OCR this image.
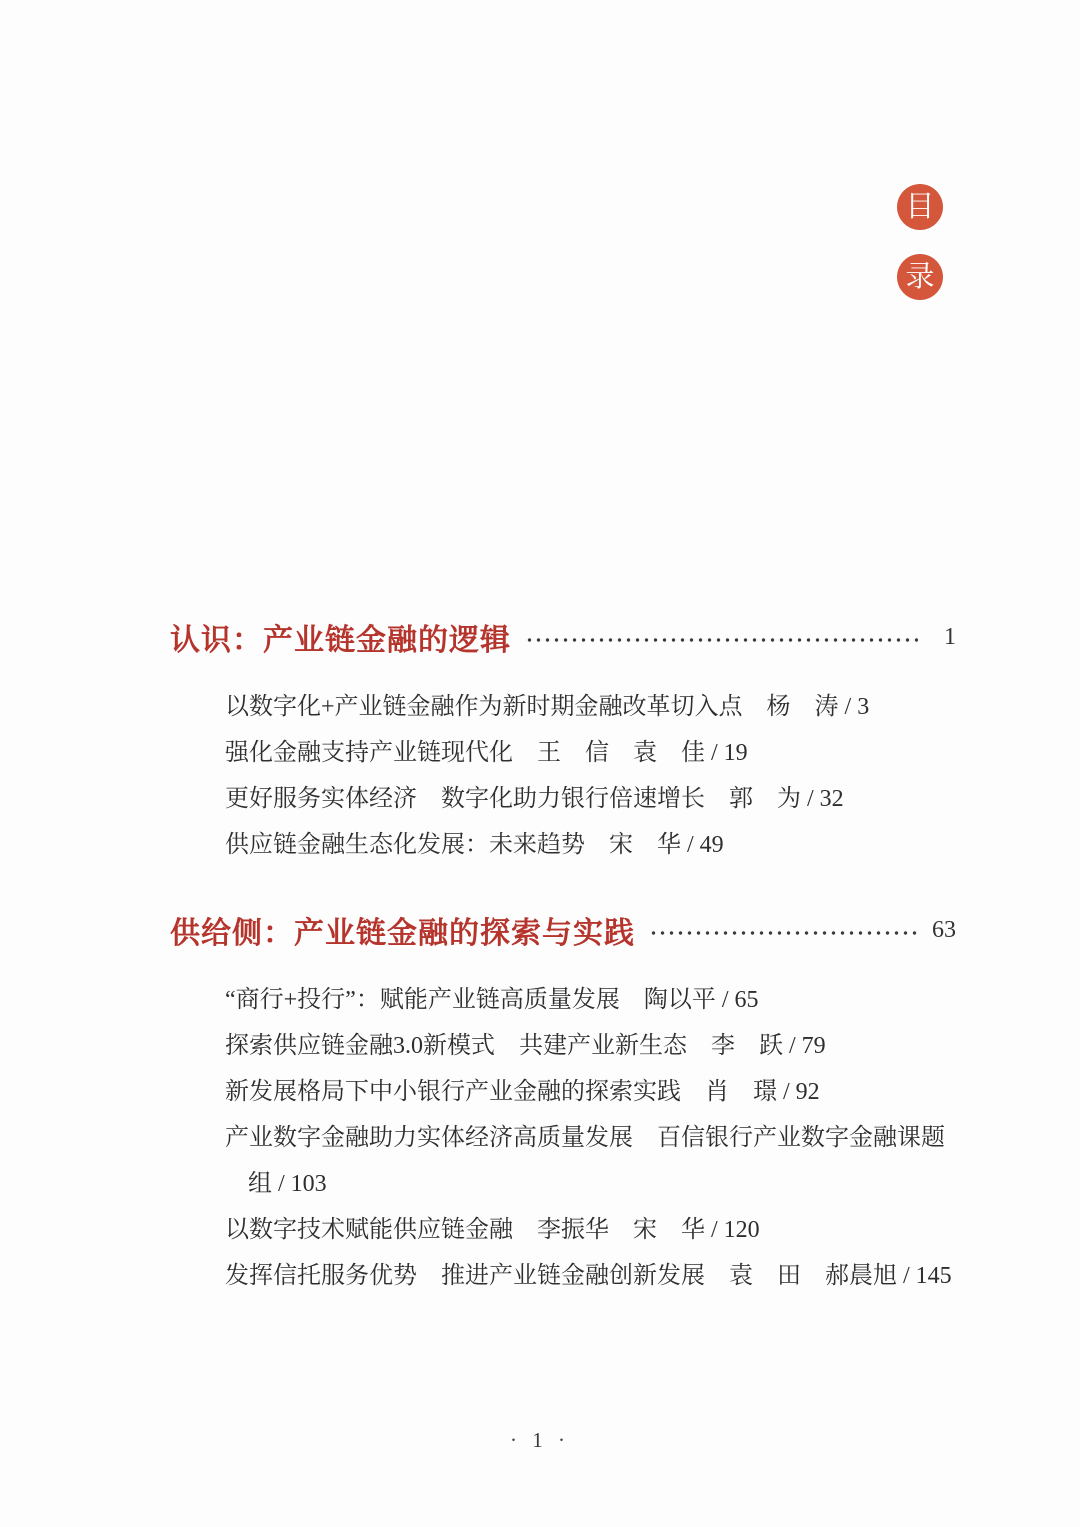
目
录
认识：产业链金融的逻辑	1
以数字化+产业链金融作为新时期金融改革切入点　杨　涛 / 3
强化金融支持产业链现代化　王　信　袁　佳 / 19
更好服务实体经济　数字化助力银行倍速增长　郭　为 / 32
供应链金融生态化发展：未来趋势　宋　华 / 49
供给侧：产业链金融的探索与实践	63
“商行+投行”：赋能产业链高质量发展　陶以平 / 65
探索供应链金融3.0新模式　共建产业新生态　李　跃 / 79
新发展格局下中小银行产业金融的探索实践　肖　璟 / 92
产业数字金融助力实体经济高质量发展　百信银行产业数字金融课题组 / 103
以数字技术赋能供应链金融　李振华　宋　华 / 120
发挥信托服务优势　推进产业链金融创新发展　袁　田　郝晨旭 / 145
· 1 ·
